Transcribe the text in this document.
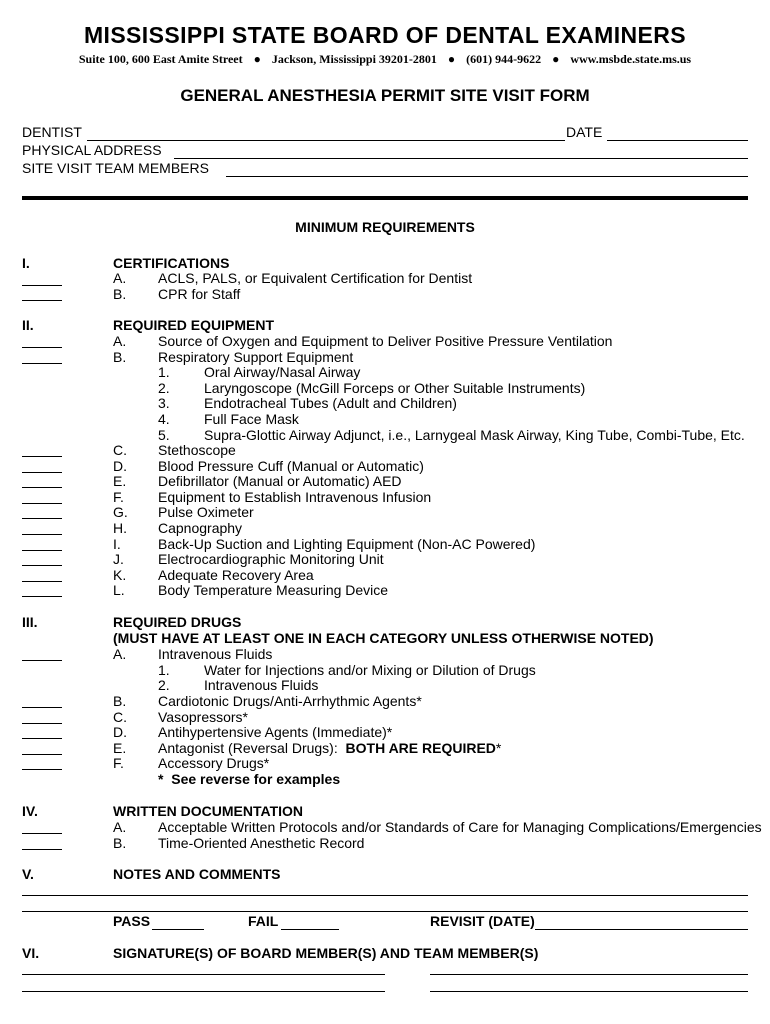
MISSISSIPPI STATE BOARD OF DENTAL EXAMINERS
Suite 100, 600 East Amite Street ● Jackson, Mississippi 39201-2801 ● (601) 944-9622 ● www.msbde.state.ms.us
GENERAL ANESTHESIA PERMIT SITE VISIT FORM
DENTIST	DATE
PHYSICAL ADDRESS
SITE VISIT TEAM MEMBERS
MINIMUM REQUIREMENTS
I.	CERTIFICATIONS
A. ACLS, PALS, or Equivalent Certification for Dentist
B. CPR for Staff
II.	REQUIRED EQUIPMENT
A. Source of Oxygen and Equipment to Deliver Positive Pressure Ventilation
B. Respiratory Support Equipment
1. Oral Airway/Nasal Airway
2. Laryngoscope (McGill Forceps or Other Suitable Instruments)
3. Endotracheal Tubes (Adult and Children)
4. Full Face Mask
5. Supra-Glottic Airway Adjunct, i.e., Larnygeal Mask Airway, King Tube, Combi-Tube, Etc.
C. Stethoscope
D. Blood Pressure Cuff (Manual or Automatic)
E. Defibrillator (Manual or Automatic) AED
F. Equipment to Establish Intravenous Infusion
G. Pulse Oximeter
H. Capnography
I.	Back-Up Suction and Lighting Equipment (Non-AC Powered)
J. Electrocardiographic Monitoring Unit
K. Adequate Recovery Area
L. Body Temperature Measuring Device
III.	REQUIRED DRUGS
(MUST HAVE AT LEAST ONE IN EACH CATEGORY UNLESS OTHERWISE NOTED)
A. Intravenous Fluids
1. Water for Injections and/or Mixing or Dilution of Drugs
2. Intravenous Fluids
B. Cardiotonic Drugs/Anti-Arrhythmic Agents*
C. Vasopressors*
D. Antihypertensive Agents (Immediate)*
E. Antagonist (Reversal Drugs):  BOTH ARE REQUIRED*
F. Accessory Drugs*
*  See reverse for examples
IV.	WRITTEN DOCUMENTATION
A. Acceptable Written Protocols and/or Standards of Care for Managing Complications/Emergencies
B. Time-Oriented Anesthetic Record
V.	NOTES AND COMMENTS
PASS	FAIL	REVISIT (DATE)
VI.	SIGNATURE(S) OF BOARD MEMBER(S) AND TEAM MEMBER(S)
